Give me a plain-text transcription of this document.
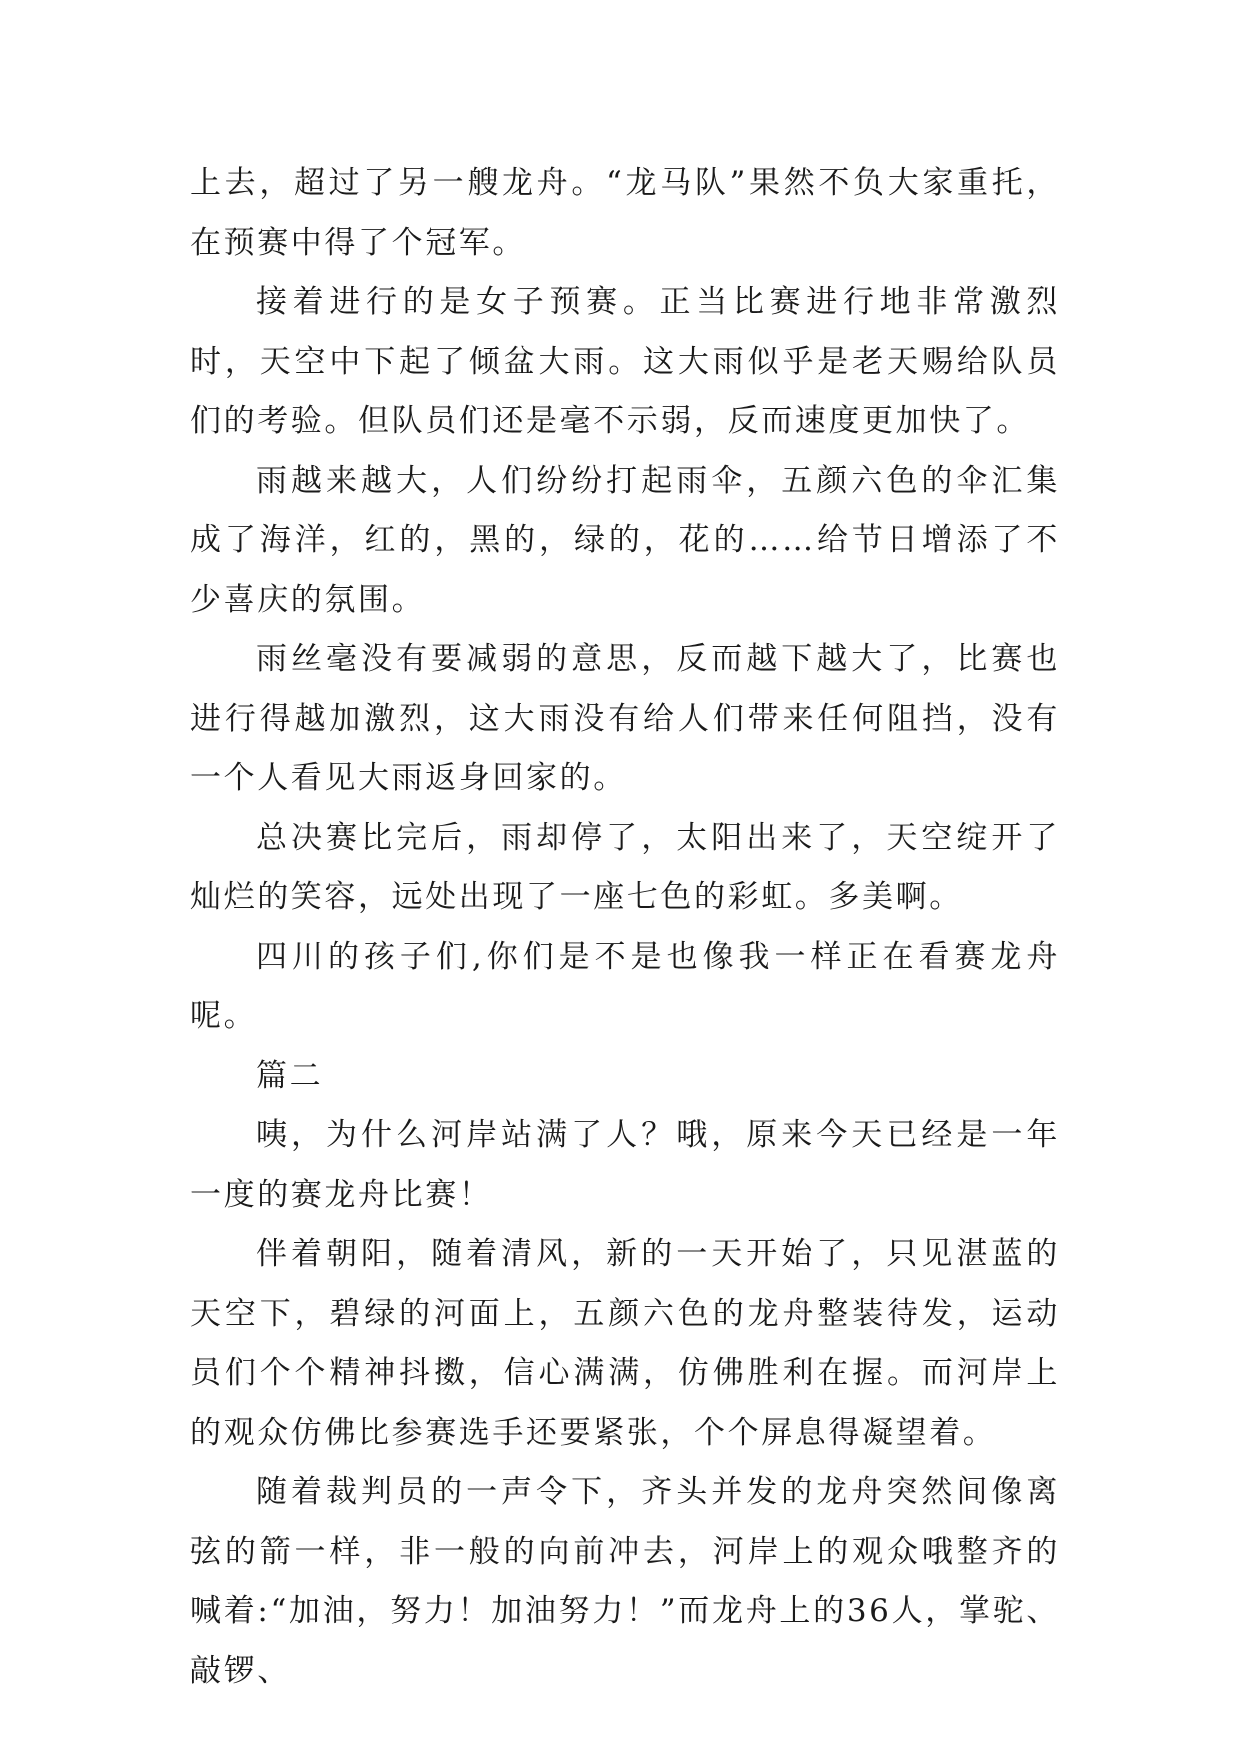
上去，超过了另一艘龙舟。“龙马队”果然不负大家重托，在预赛中得了个冠军。

接着进行的是女子预赛。正当比赛进行地非常激烈时，天空中下起了倾盆大雨。这大雨似乎是老天赐给队员们的考验。但队员们还是毫不示弱，反而速度更加快了。

雨越来越大，人们纷纷打起雨伞，五颜六色的伞汇集成了海洋，红的，黑的，绿的，花的……给节日增添了不少喜庆的氛围。

雨丝毫没有要减弱的意思，反而越下越大了，比赛也进行得越加激烈，这大雨没有给人们带来任何阻挡，没有一个人看见大雨返身回家的。

总决赛比完后，雨却停了，太阳出来了，天空绽开了灿烂的笑容，远处出现了一座七色的彩虹。多美啊。

四川的孩子们,你们是不是也像我一样正在看赛龙舟呢。

篇二

咦，为什么河岸站满了人？哦，原来今天已经是一年一度的赛龙舟比赛！

伴着朝阳，随着清风，新的一天开始了，只见湛蓝的天空下，碧绿的河面上，五颜六色的龙舟整装待发，运动员们个个精神抖擞，信心满满，仿佛胜利在握。而河岸上的观众仿佛比参赛选手还要紧张，个个屏息得凝望着。

随着裁判员的一声令下，齐头并发的龙舟突然间像离弦的箭一样，非一般的向前冲去，河岸上的观众哦整齐的喊着:“加油，努力！加油努力！”而龙舟上的36人，掌驼、敲锣、
